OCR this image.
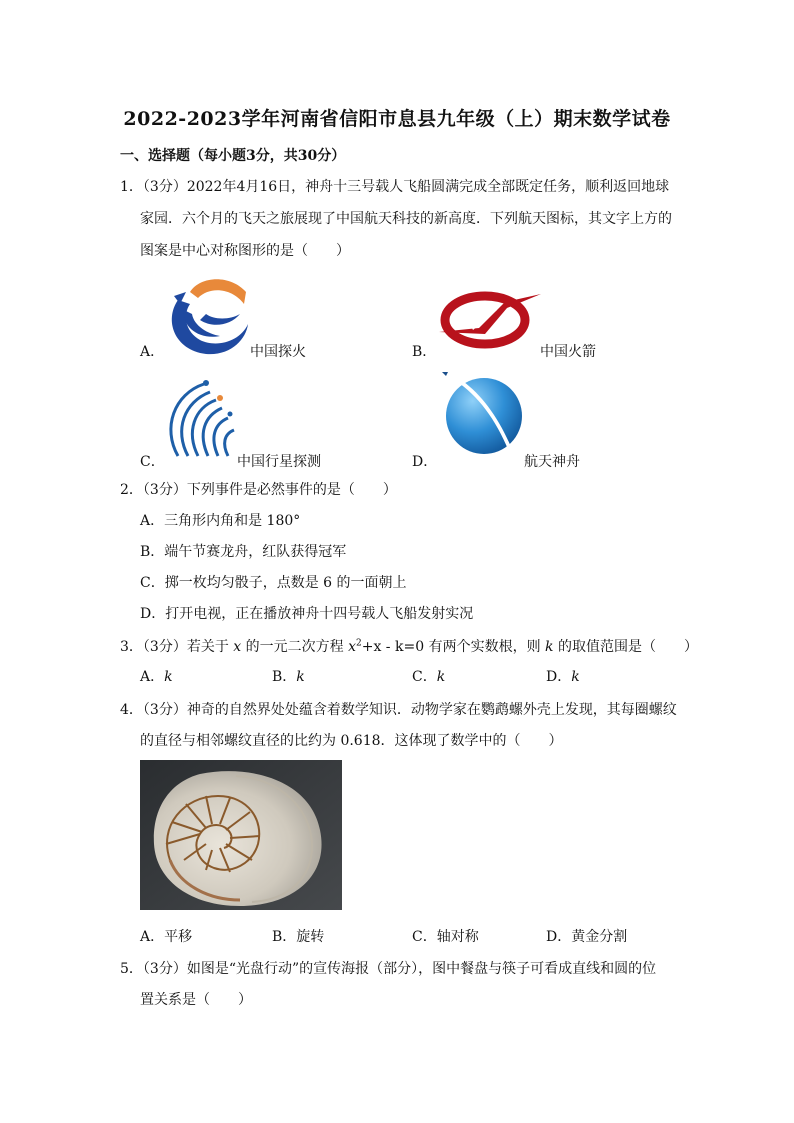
2022-2023学年河南省信阳市息县九年级（上）期末数学试卷
一、选择题（每小题3分，共30分）
1．（3分）2022年4月16日，神舟十三号载人飞船圆满完成全部既定任务，顺利返回地球
家园．六个月的飞天之旅展现了中国航天科技的新高度．下列航天图标，其文字上方的
图案是中心对称图形的是（　　）
A．	中国探火	B．	中国火箭
C．	中国行星探测	D．	航天神舟
2．（3分）下列事件是必然事件的是（　　）
A．三角形内角和是 180°
B．端午节赛龙舟，红队获得冠军
C．掷一枚均匀骰子，点数是 6 的一面朝上
D．打开电视，正在播放神舟十四号载人飞船发射实况
3．（3分）若关于 x 的一元二次方程 $x^2+x - k=0$ 有两个实数根，则 k 的取值范围是（　　）
A．k	B．k	C．k	D．k
4．（3分）神奇的自然界处处蕴含着数学知识．动物学家在鹦鹉螺外壳上发现，其每圈螺纹
的直径与相邻螺纹直径的比约为 0.618．这体现了数学中的（　　）
A．平移	B．旋转	C．轴对称	D．黄金分割
5．（3分）如图是“光盘行动”的宣传海报（部分），图中餐盘与筷子可看成直线和圆的位
置关系是（　　）
